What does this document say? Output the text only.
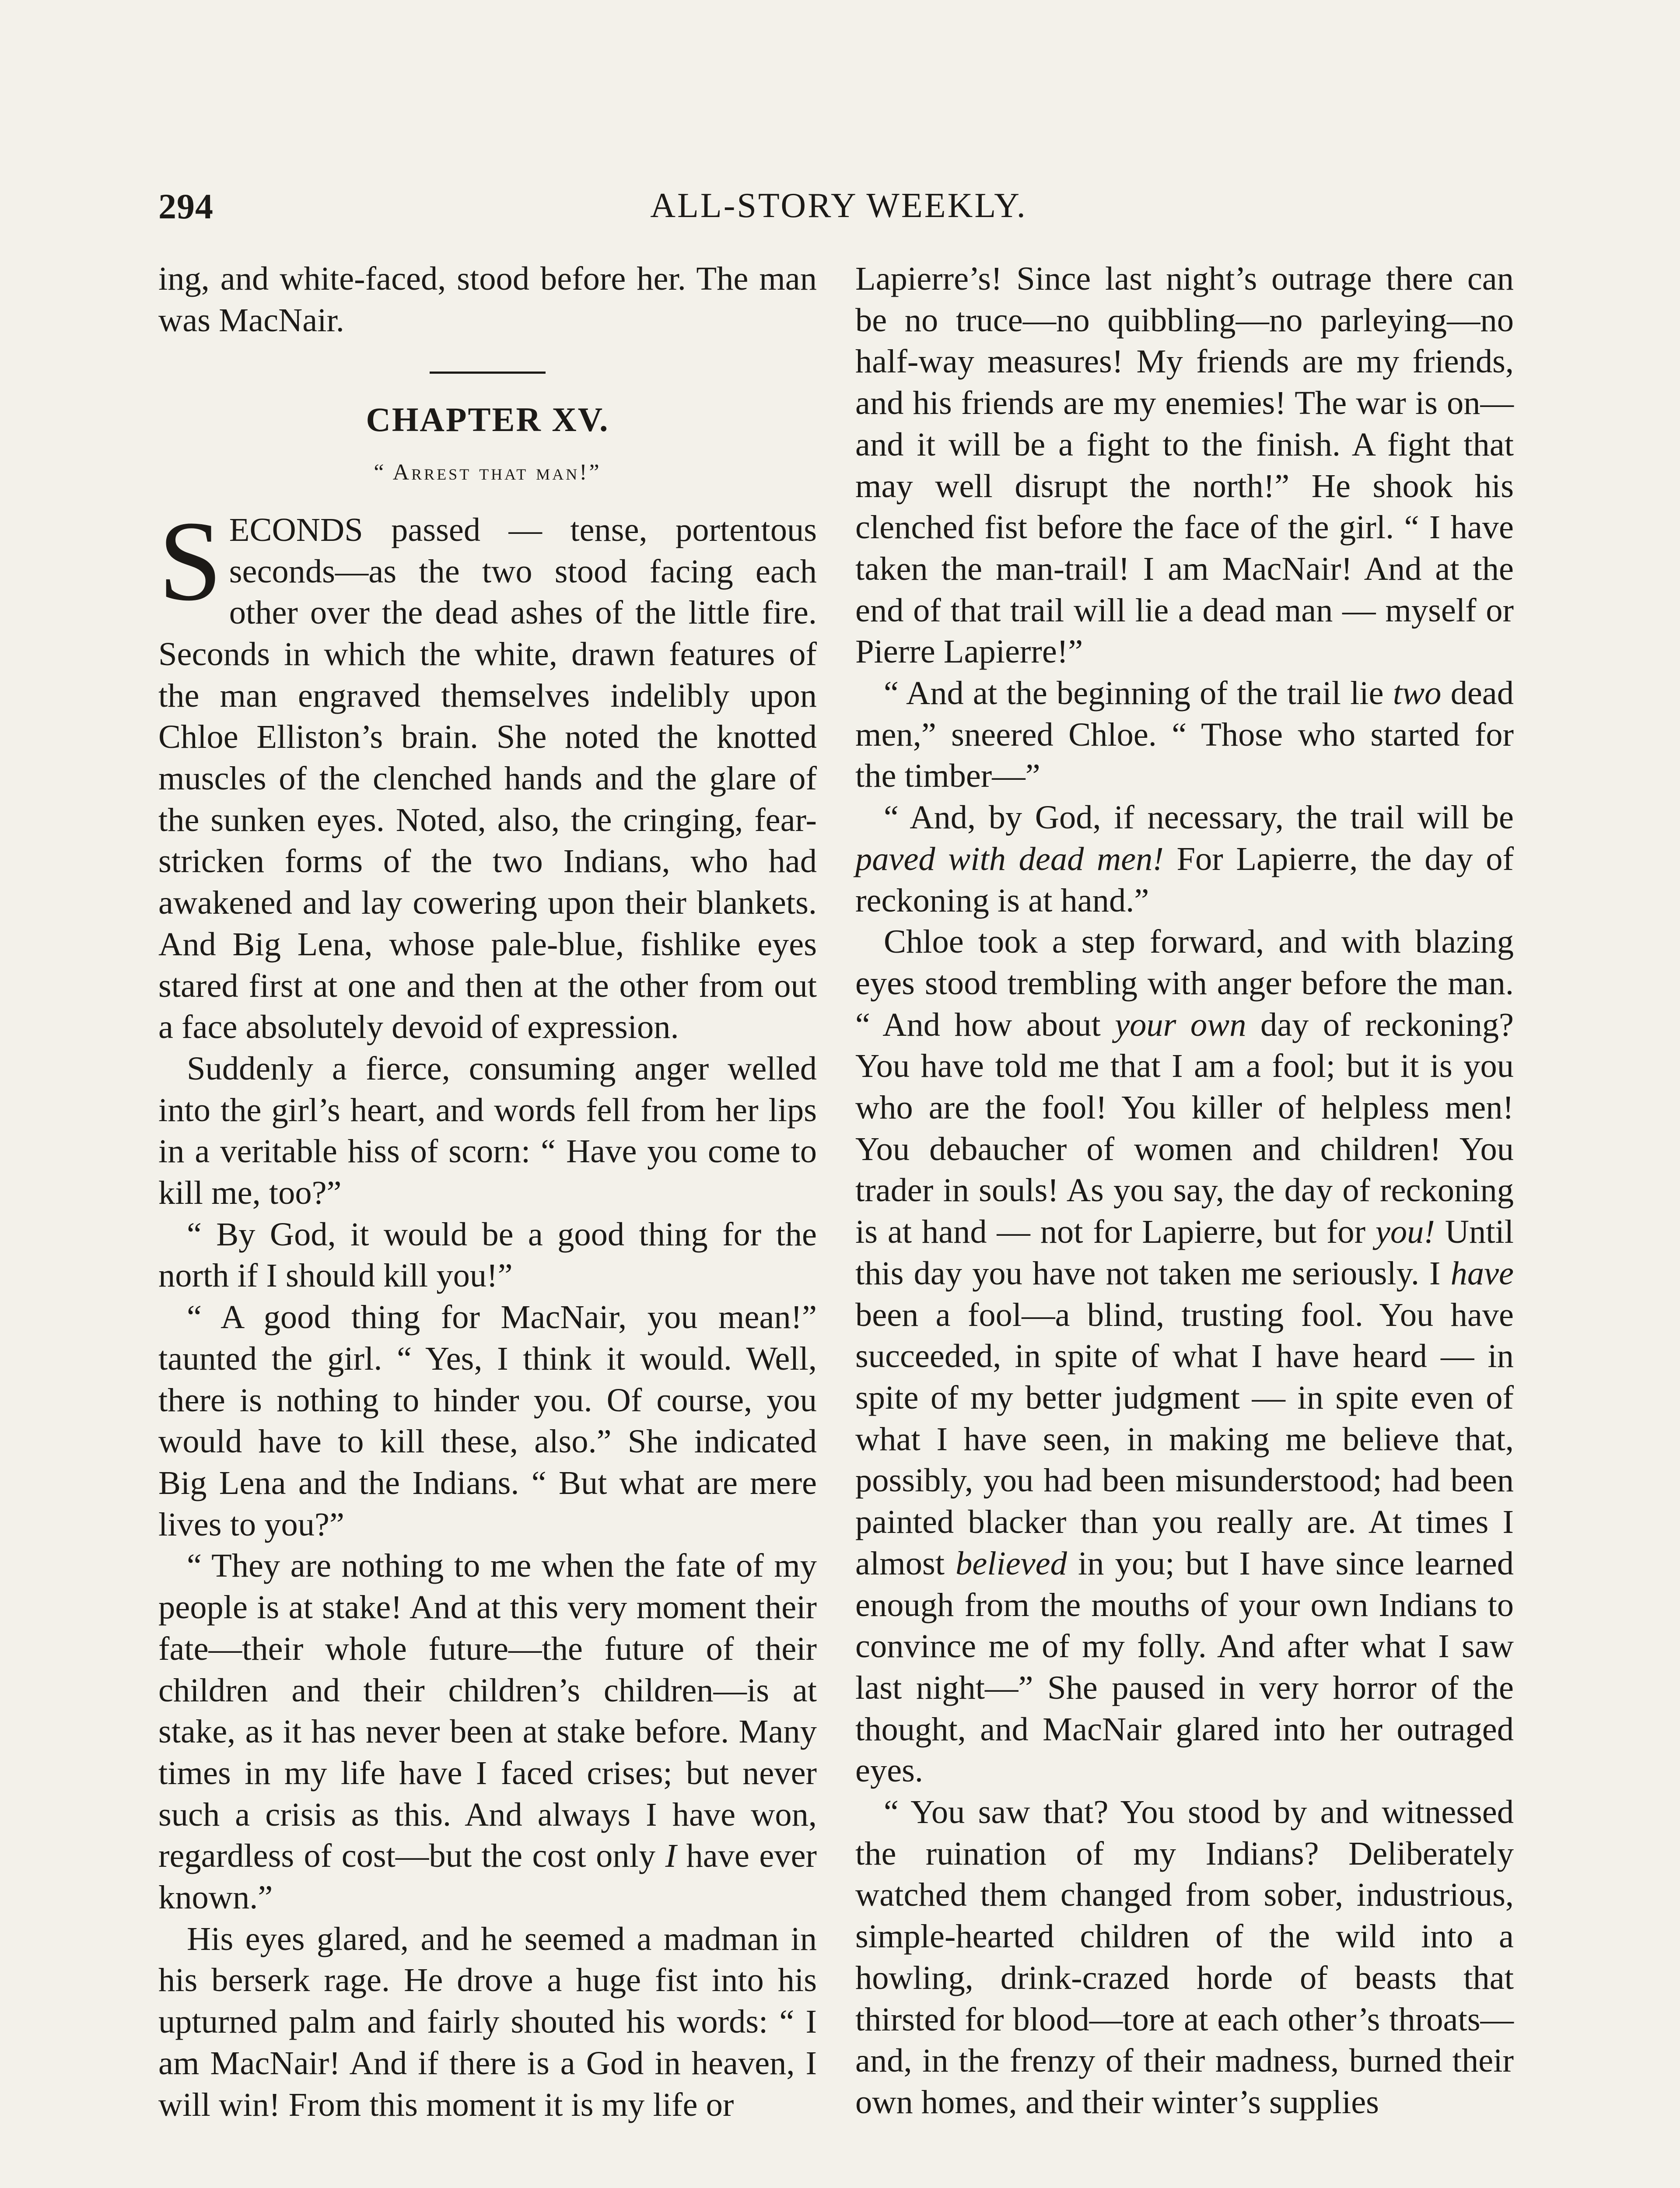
294	ALL-STORY WEEKLY.

ing, and white-faced, stood before her. The man was MacNair.

CHAPTER XV.
“ Arrest that man!”

SECONDS passed — tense, portentous seconds—as the two stood facing each other over the dead ashes of the little fire. Seconds in which the white, drawn features of the man engraved themselves indelibly upon Chloe Elliston’s brain. She noted the knotted muscles of the clenched hands and the glare of the sunken eyes. Noted, also, the cringing, fear-stricken forms of the two Indians, who had awakened and lay cowering upon their blankets. And Big Lena, whose pale-blue, fishlike eyes stared first at one and then at the other from out a face absolutely devoid of expression.

Suddenly a fierce, consuming anger welled into the girl’s heart, and words fell from her lips in a veritable hiss of scorn: “ Have you come to kill me, too?”

“ By God, it would be a good thing for the north if I should kill you!”

“ A good thing for MacNair, you mean!” taunted the girl. “ Yes, I think it would. Well, there is nothing to hinder you. Of course, you would have to kill these, also.” She indicated Big Lena and the Indians. “ But what are mere lives to you?”

“ They are nothing to me when the fate of my people is at stake! And at this very moment their fate—their whole future—the future of their children and their children’s children—is at stake, as it has never been at stake before. Many times in my life have I faced crises; but never such a crisis as this. And always I have won, regardless of cost—but the cost only I have ever known.”

His eyes glared, and he seemed a madman in his berserk rage. He drove a huge fist into his upturned palm and fairly shouted his words: “ I am MacNair! And if there is a God in heaven, I will win! From this moment it is my life or

Lapierre’s! Since last night’s outrage there can be no truce—no quibbling—no parleying—no half-way measures! My friends are my friends, and his friends are my enemies! The war is on—and it will be a fight to the finish. A fight that may well disrupt the north!” He shook his clenched fist before the face of the girl. “ I have taken the man-trail! I am MacNair! And at the end of that trail will lie a dead man — myself or Pierre Lapierre!”

“ And at the beginning of the trail lie two dead men,” sneered Chloe. “ Those who started for the timber—”

“ And, by God, if necessary, the trail will be paved with dead men! For Lapierre, the day of reckoning is at hand.”

Chloe took a step forward, and with blazing eyes stood trembling with anger before the man. “ And how about your own day of reckoning? You have told me that I am a fool; but it is you who are the fool! You killer of helpless men! You debaucher of women and children! You trader in souls! As you say, the day of reckoning is at hand — not for Lapierre, but for you! Until this day you have not taken me seriously. I have been a fool—a blind, trusting fool. You have succeeded, in spite of what I have heard — in spite of my better judgment — in spite even of what I have seen, in making me believe that, possibly, you had been misunderstood; had been painted blacker than you really are. At times I almost believed in you; but I have since learned enough from the mouths of your own Indians to convince me of my folly. And after what I saw last night—” She paused in very horror of the thought, and MacNair glared into her outraged eyes.

“ You saw that? You stood by and witnessed the ruination of my Indians? Deliberately watched them changed from sober, industrious, simple-hearted children of the wild into a howling, drink-crazed horde of beasts that thirsted for blood—tore at each other’s throats—and, in the frenzy of their madness, burned their own homes, and their winter’s supplies
